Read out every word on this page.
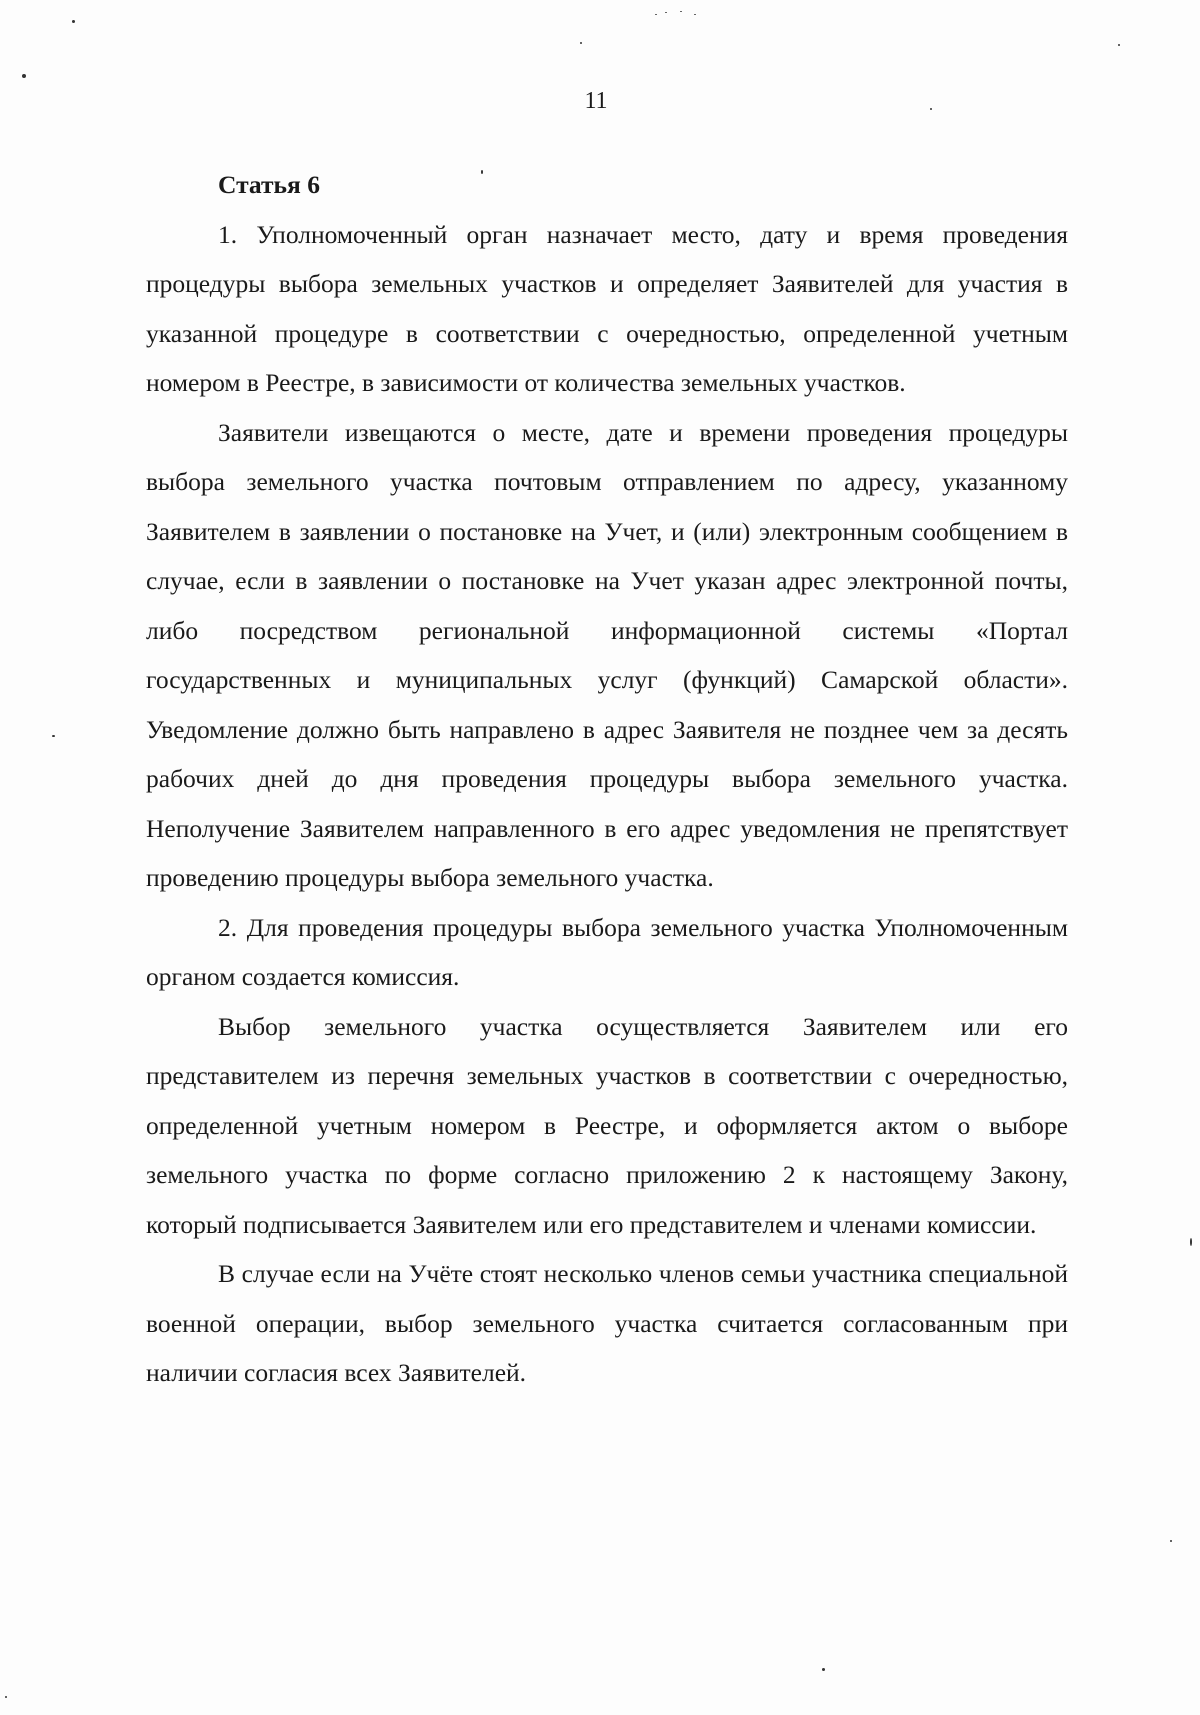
11

Статья 6

1. Уполномоченный орган назначает место, дату и время проведения процедуры выбора земельных участков и определяет Заявителей для участия в указанной процедуре в соответствии с очередностью, определенной учетным номером в Реестре, в зависимости от количества земельных участков.

Заявители извещаются о месте, дате и времени проведения процедуры выбора земельного участка почтовым отправлением по адресу, указанному Заявителем в заявлении о постановке на Учет, и (или) электронным сообщением в случае, если в заявлении о постановке на Учет указан адрес электронной почты, либо посредством региональной информационной системы «Портал государственных и муниципальных услуг (функций) Самарской области». Уведомление должно быть направлено в адрес Заявителя не позднее чем за десять рабочих дней до дня проведения процедуры выбора земельного участка. Неполучение Заявителем направленного в его адрес уведомления не препятствует проведению процедуры выбора земельного участка.

2. Для проведения процедуры выбора земельного участка Уполномоченным органом создается комиссия.

Выбор земельного участка осуществляется Заявителем или его представителем из перечня земельных участков в соответствии с очередностью, определенной учетным номером в Реестре, и оформляется актом о выборе земельного участка по форме согласно приложению 2 к настоящему Закону, который подписывается Заявителем или его представителем и членами комиссии.

В случае если на Учёте стоят несколько членов семьи участника специальной военной операции, выбор земельного участка считается согласованным при наличии согласия всех Заявителей.
